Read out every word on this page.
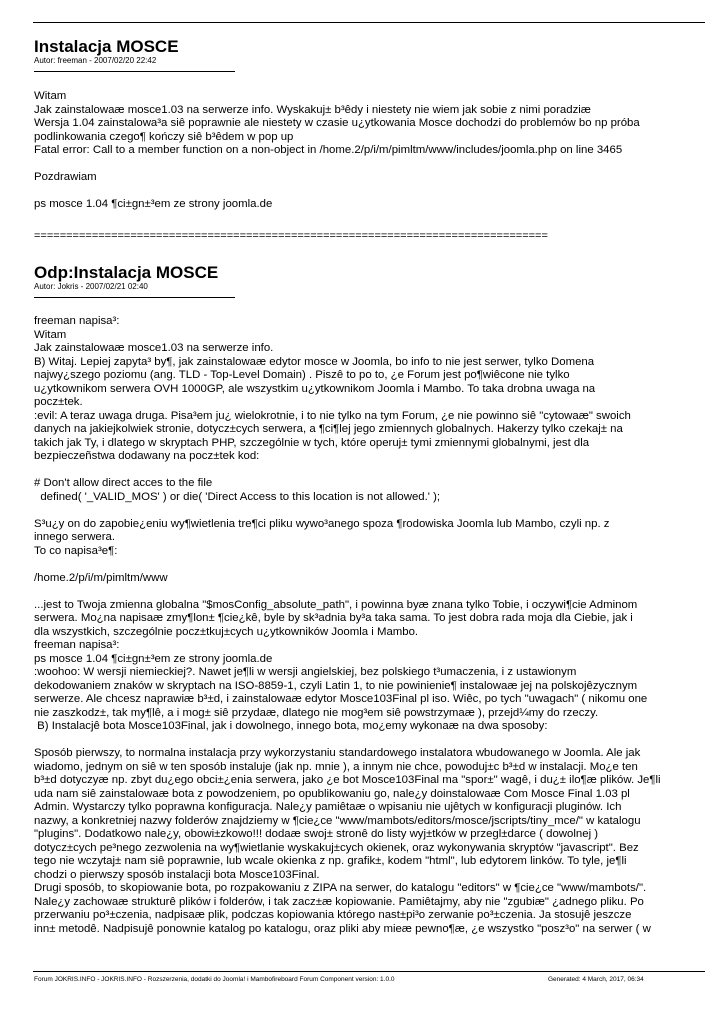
Instalacja MOSCE

Autor: freeman - 2007/02/20 22:42

Witam
Jak zainstalowaæ mosce1.03 na serwerze info. Wyskakuj± b³êdy i niestety nie wiem jak sobie z nimi poradziæ
Wersja 1.04 zainstalowa³a siê poprawnie ale niestety w czasie u¿ytkowania Mosce dochodzi do problemów bo np próba
podlinkowania czego¶ kończy siê b³êdem w pop up
Fatal error: Call to a member function on a non-object in /home.2/p/i/m/pimltm/www/includes/joomla.php on line 3465

Pozdrawiam

ps mosce 1.04 ¶ci±gn±³em ze strony joomla.de

================================================================================
Odp:Instalacja MOSCE

Autor: Jokris - 2007/02/21 02:40

freeman napisa³:
Witam
Jak zainstalowaæ mosce1.03 na serwerze info.
B) Witaj. Lepiej zapyta³ by¶, jak zainstalowaæ edytor mosce w Joomla, bo info to nie jest serwer, tylko Domena
najwy¿szego poziomu (ang. TLD - Top-Level Domain) . Piszê to po to, ¿e Forum jest po¶wiêcone nie tylko
u¿ytkownikom serwera OVH 1000GP, ale wszystkim u¿ytkownikom Joomla i Mambo. To taka drobna uwaga na
pocz±tek.
:evil: A teraz uwaga druga. Pisa³em ju¿ wielokrotnie, i to nie tylko na tym Forum, ¿e nie powinno siê "cytowaæ" swoich
danych na jakiejkolwiek stronie, dotycz±cych serwera, a ¶ci¶lej jego zmiennych globalnych. Hakerzy tylko czekaj± na
takich jak Ty, i dlatego w skryptach PHP, szczególnie w tych, które operuj± tymi zmiennymi globalnymi, jest dla
bezpieczeñstwa dodawany na pocz±tek kod:

# Don't allow direct acces to the file
defined( '_VALID_MOS' ) or die( 'Direct Access to this location is not allowed.' );

S³u¿y on do zapobie¿eniu wy¶wietlenia tre¶ci pliku wywo³anego spoza ¶rodowiska Joomla lub Mambo, czyli np. z
innego serwera.
To co napisa³e¶:

/home.2/p/i/m/pimltm/www

...jest to Twoja zmienna globalna "$mosConfig_absolute_path", i powinna byæ znana tylko Tobie, i oczywi¶cie Adminom
serwera. Mo¿na napisaæ zmy¶lon± ¶cie¿kê, byle by sk³adnia by³a taka sama. To jest dobra rada moja dla Ciebie, jak i
dla wszystkich, szczególnie pocz±tkuj±cych u¿ytkowników Joomla i Mambo.
freeman napisa³:
ps mosce 1.04 ¶ci±gn±³em ze strony joomla.de
:woohoo: W wersji niemieckiej?. Nawet je¶li w wersji angielskiej, bez polskiego t³umaczenia, i z ustawionym
dekodowaniem znaków w skryptach na ISO-8859-1, czyli Latin 1, to nie powinienie¶ instalowaæ jej na polskojêzycznym
serwerze. Ale chcesz naprawiæ b³±d, i zainstalowaæ edytor Mosce103Final pl iso. Wiêc, po tych "uwagach" ( nikomu one
nie zaszkodz±, tak my¶lê, a i mog± siê przydaæ, dlatego nie mog³em siê powstrzymaæ ), przejd¼my do rzeczy.
B) Instalacjê bota Mosce103Final, jak i dowolnego, innego bota, mo¿emy wykonaæ na dwa sposoby:

Sposób pierwszy, to normalna instalacja przy wykorzystaniu standardowego instalatora wbudowanego w Joomla. Ale jak
wiadomo, jednym on siê w ten sposób instaluje (jak np. mnie ), a innym nie chce, powoduj±c b³±d w instalacji. Mo¿e ten
b³±d dotyczyæ np. zbyt du¿ego obci±¿enia serwera, jako ¿e bot Mosce103Final ma "spor±" wagê, i du¿± ilo¶æ plików. Je¶li
uda nam siê zainstalowaæ bota z powodzeniem, po opublikowaniu go, nale¿y doinstalowaæ Com Mosce Final 1.03 pl
Admin. Wystarczy tylko poprawna konfiguracja. Nale¿y pamiêtaæ o wpisaniu nie ujêtych w konfiguracji pluginów. Ich
nazwy, a konkretniej nazwy folderów znajdziemy w ¶cie¿ce "www/mambots/editors/mosce/jscripts/tiny_mce/" w katalogu
"plugins". Dodatkowo nale¿y, obowi±zkowo!!! dodaæ swoj± stronê do listy wyj±tków w przegl±darce ( dowolnej )
dotycz±cych pe³nego zezwolenia na wy¶wietlanie wyskakuj±cych okienek, oraz wykonywania skryptów "javascript". Bez
tego nie wczytaj± nam siê poprawnie, lub wcale okienka z np. grafik±, kodem "html", lub edytorem linków. To tyle, je¶li
chodzi o pierwszy sposób instalacji bota Mosce103Final.
Drugi sposób, to skopiowanie bota, po rozpakowaniu z ZIPA na serwer, do katalogu "editors" w ¶cie¿ce "www/mambots/".
Nale¿y zachowaæ strukturê plików i folderów, i tak zacz±æ kopiowanie. Pamiêtajmy, aby nie "zgubiæ" ¿adnego pliku. Po
przerwaniu po³±czenia, nadpisaæ plik, podczas kopiowania którego nast±pi³o zerwanie po³±czenia. Ja stosujê jeszcze
inn± metodê. Nadpisujê ponownie katalog po katalogu, oraz pliki aby mieæ pewno¶æ, ¿e wszystko "posz³o" na serwer ( w

Forum JOKRIS.INFO - JOKRIS.INFO - Rozszerzenia, dodatki do Joomla! i Mambofireboard Forum Component version: 1.0.0	Generated: 4 March, 2017, 06:34
